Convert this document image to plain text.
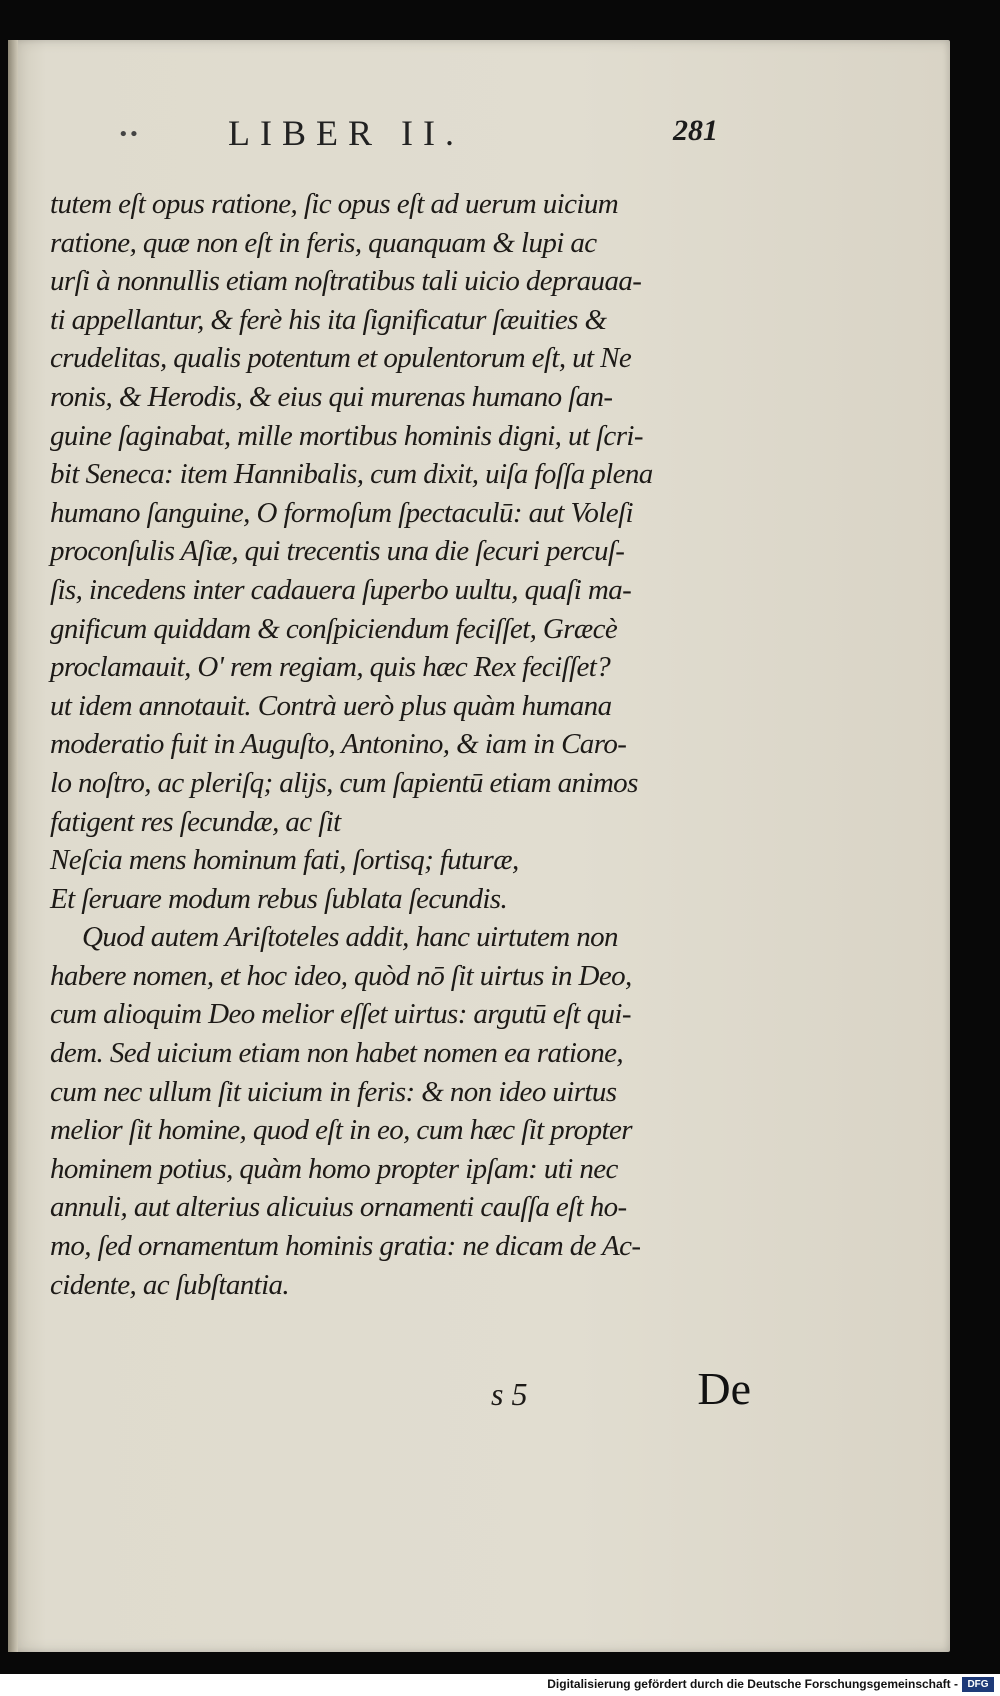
•• LIBER II.	281
tutem eſt opus ratione, ſic opus eſt ad uerum uicium
ratione, quæ non eſt in feris, quanquam & lupi ac
urſi à nonnullis etiam noſtratibus tali uicio deprauaa-
ti appellantur, & ferè his ita ſignificatur ſæuities &
crudelitas, qualis potentum et opulentorum eſt, ut Ne
ronis, & Herodis, & eius qui murenas humano ſan-
guine ſaginabat, mille mortibus hominis digni, ut ſcri-
bit Seneca: item Hannibalis, cum dixit, uiſa foſſa plena
humano ſanguine, O formoſum ſpectaculū: aut Voleſi
proconſulis Aſiæ, qui trecentis una die ſecuri percuſ-
ſis, incedens inter cadauera ſuperbo uultu, quaſi ma-
gnificum quiddam & conſpiciendum feciſſet, Græcè
proclamauit, O' rem regiam, quis hæc Rex feciſſet?
ut idem annotauit. Contrà uerò plus quàm humana
moderatio fuit in Auguſto, Antonino, & iam in Caro-
lo noſtro, ac pleriſq; alijs, cum ſapientū etiam animos
fatigent res ſecundæ, ac ſit
Neſcia mens hominum fati, ſortisq; futuræ,
Et ſeruare modum rebus ſublata ſecundis.
Quod autem Ariſtoteles addit, hanc uirtutem non
habere nomen, et hoc ideo, quòd nō ſit uirtus in Deo,
cum alioquim Deo melior eſſet uirtus: argutū eſt qui-
dem. Sed uicium etiam non habet nomen ea ratione,
cum nec ullum ſit uicium in feris: & non ideo uirtus
melior ſit homine, quod eſt in eo, cum hæc ſit propter
hominem potius, quàm homo propter ipſam: uti nec
annuli, aut alterius alicuius ornamenti cauſſa eſt ho-
mo, ſed ornamentum hominis gratia: ne dicam de Ac-
cidente, ac ſubſtantia.
s 5	De
Digitalisierung gefördert durch die Deutsche Forschungsgemeinschaft - DFG
